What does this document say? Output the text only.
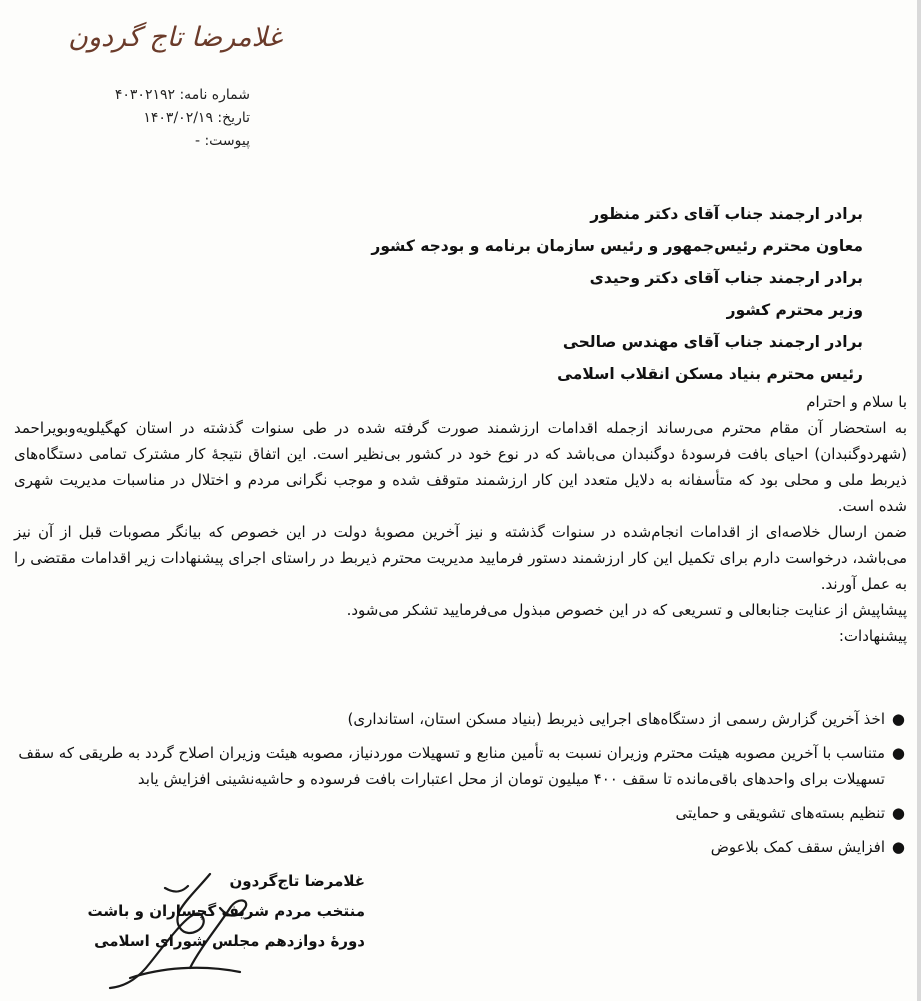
غلامرضا تاج گردون
شماره نامه: ۴۰۳۰۲۱۹۲
تاریخ: ۱۴۰۳/۰۲/۱۹
پیوست: -
برادر ارجمند جناب آقای دکتر منظور
معاون محترم رئیس‌جمهور و رئیس سازمان برنامه و بودجه کشور
برادر ارجمند جناب آقای دکتر وحیدی
وزیر محترم کشور
برادر ارجمند جناب آقای مهندس صالحی
رئیس محترم بنیاد مسکن انقلاب اسلامی

با سلام و احترام

به استحضار آن مقام محترم می‌رساند ازجمله اقدامات ارزشمند صورت گرفته شده در طی سنوات گذشته در استان کهگیلویه‌وبویراحمد (شهردوگنبدان) احیای بافت فرسودهٔ دوگنبدان می‌باشد که در نوع خود در کشور بی‌نظیر است. این اتفاق نتیجهٔ کار مشترک تمامی دستگاه‌های ذیربط ملی و محلی بود که متأسفانه به دلایل متعدد این کار ارزشمند متوقف شده و موجب نگرانی مردم و اختلال در مناسبات مدیریت شهری شده است.

ضمن ارسال خلاصه‌ای از اقدامات انجام‌شده در سنوات گذشته و نیز آخرین مصوبهٔ دولت در این خصوص که بیانگر مصوبات قبل از آن نیز می‌باشد، درخواست دارم برای تکمیل این کار ارزشمند دستور فرمایید مدیریت محترم ذیربط در راستای اجرای پیشنهادات زیر اقدامات مقتضی را به عمل آورند.

پیشاپیش از عنایت جنابعالی و تسریعی که در این خصوص مبذول می‌فرمایید تشکر می‌شود.

پیشنهادات:

●
اخذ آخرین گزارش رسمی از دستگاه‌های اجرایی ذیربط (بنیاد مسکن استان، استانداری)
●
متناسب با آخرین مصوبه هیئت محترم وزیران نسبت به تأمین منابع و تسهیلات موردنیاز، مصوبه هیئت وزیران اصلاح گردد به طریقی که سقف تسهیلات برای واحدهای باقی‌مانده تا سقف ۴۰۰ میلیون تومان از محل اعتبارات بافت فرسوده و حاشیه‌نشینی افزایش یابد
●
تنظیم بسته‌های تشویقی و حمایتی
●
افزایش سقف کمک بلاعوض
غلامرضا تاج‌گردون
منتخب مردم شریف گچساران و باشت
دورهٔ دوازدهم مجلس شورای اسلامی
